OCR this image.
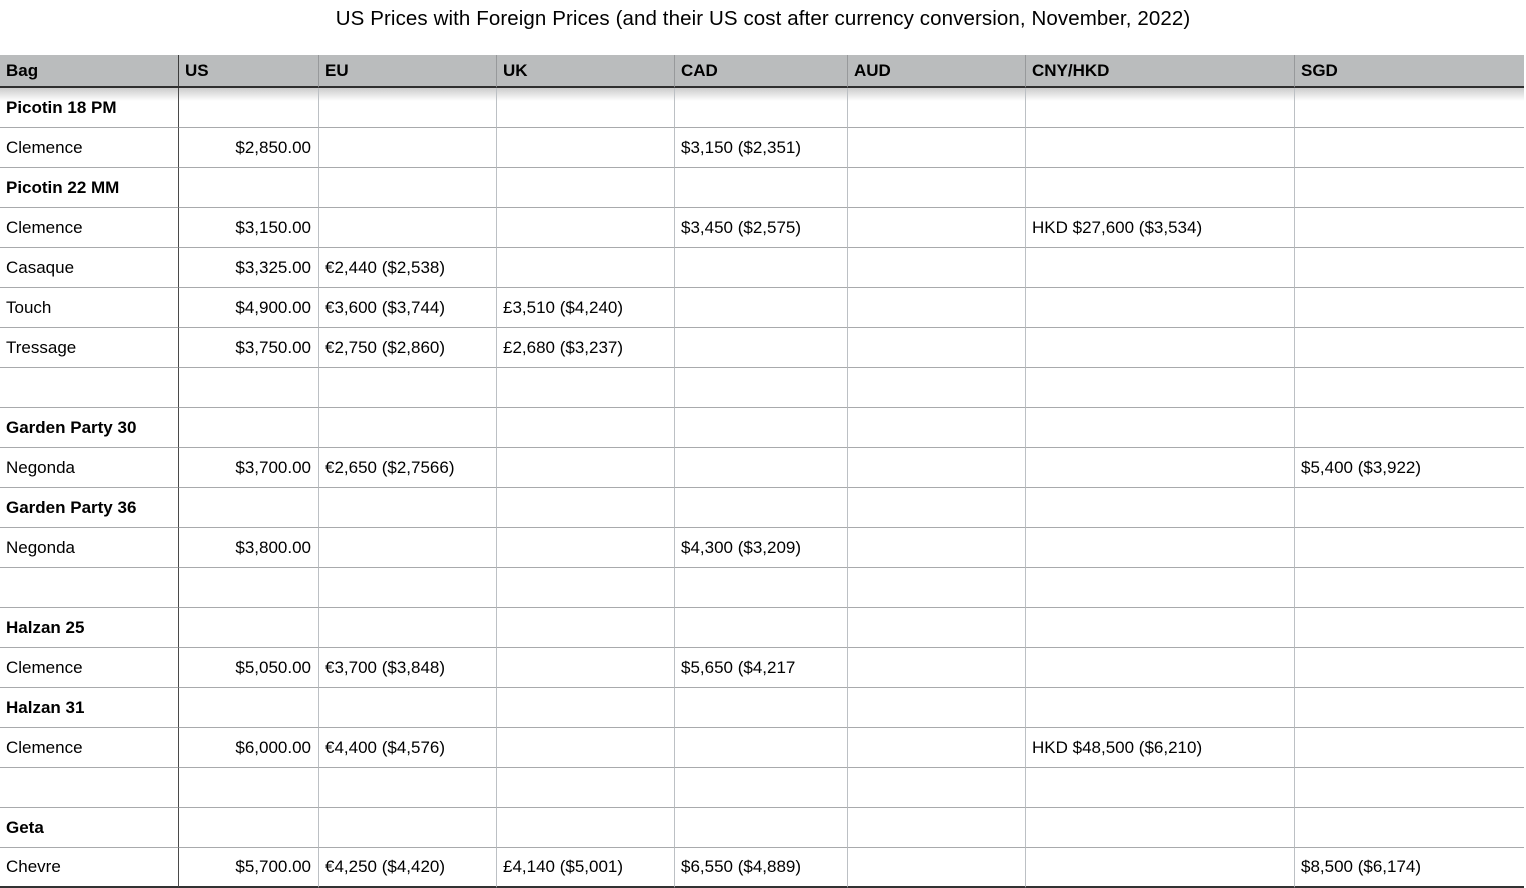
US Prices with Foreign Prices (and their US cost after currency conversion, November, 2022)
Bag	US	EU	UK	CAD	AUD	CNY/HKD	SGD
Picotin 18 PM							
Clemence	$2,850.00			$3,150 ($2,351)			
Picotin 22 MM							
Clemence	$3,150.00			$3,450 ($2,575)		HKD $27,600 ($3,534)	
Casaque	$3,325.00	€2,440 ($2,538)					
Touch	$4,900.00	€3,600 ($3,744)	£3,510 ($4,240)				
Tressage	$3,750.00	€2,750 ($2,860)	£2,680 ($3,237)				

Garden Party 30							
Negonda	$3,700.00	€2,650 ($2,7566)					$5,400 ($3,922)
Garden Party 36							
Negonda	$3,800.00			$4,300 ($3,209)			

Halzan 25							
Clemence	$5,050.00	€3,700 ($3,848)		$5,650 ($4,217			
Halzan 31							
Clemence	$6,000.00	€4,400 ($4,576)				HKD $48,500 ($6,210)	

Geta							
Chevre	$5,700.00	€4,250 ($4,420)	£4,140 ($5,001)	$6,550 ($4,889)			$8,500 ($6,174)
